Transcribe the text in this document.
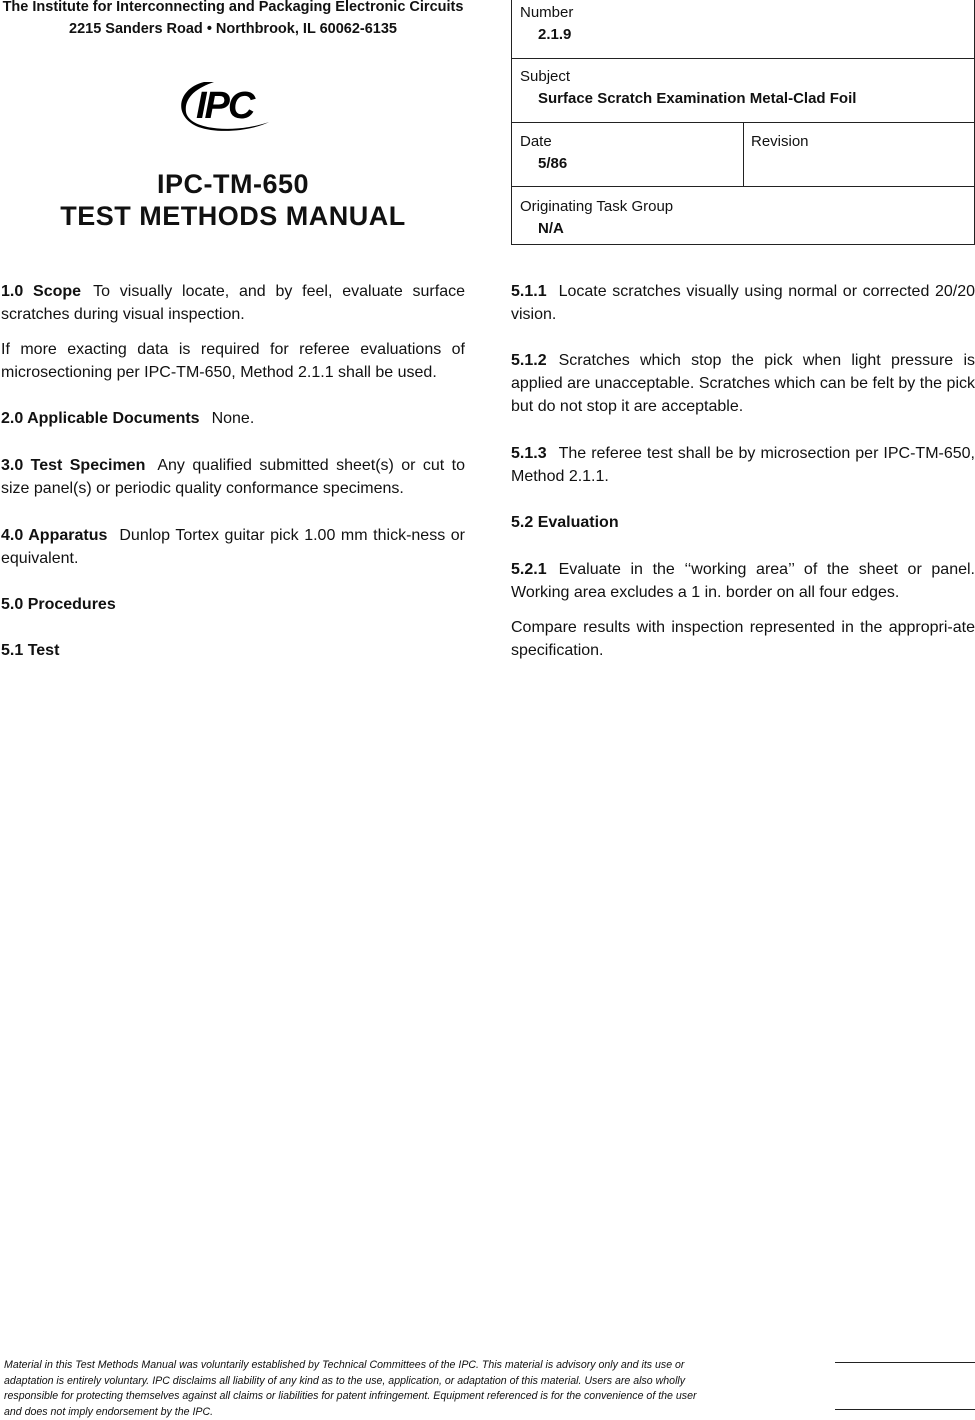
The Institute for Interconnecting and Packaging Electronic Circuits
2215 Sanders Road • Northbrook, IL 60062-6135
IPC
IPC-TM-650
TEST METHODS MANUAL
Number
2.1.9
Subject
Surface Scratch Examination Metal-Clad Foil
Date
5/86
Revision
Originating Task Group
N/A
1.0 Scope To visually locate, and by feel, evaluate surface scratches during visual inspection.
If more exacting data is required for referee evaluations of microsectioning per IPC-TM-650, Method 2.1.1 shall be used.
2.0 Applicable Documents None.
3.0 Test Specimen Any qualified submitted sheet(s) or cut to size panel(s) or periodic quality conformance specimens.
4.0 Apparatus Dunlop Tortex guitar pick 1.00 mm thick-ness or equivalent.
5.0 Procedures
5.1 Test
5.1.1 Locate scratches visually using normal or corrected 20/20 vision.
5.1.2 Scratches which stop the pick when light pressure is applied are unacceptable. Scratches which can be felt by the pick but do not stop it are acceptable.
5.1.3 The referee test shall be by microsection per IPC-TM-650, Method 2.1.1.
5.2 Evaluation
5.2.1 Evaluate in the ‘‘working area’’ of the sheet or panel. Working area excludes a 1 in. border on all four edges.
Compare results with inspection represented in the appropri-ate specification.
Material in this Test Methods Manual was voluntarily established by Technical Committees of the IPC. This material is advisory only and its use or adaptation is entirely voluntary. IPC disclaims all liability of any kind as to the use, application, or adaptation of this material. Users are also wholly responsible for protecting themselves against all claims or liabilities for patent infringement. Equipment referenced is for the convenience of the user and does not imply endorsement by the IPC.
